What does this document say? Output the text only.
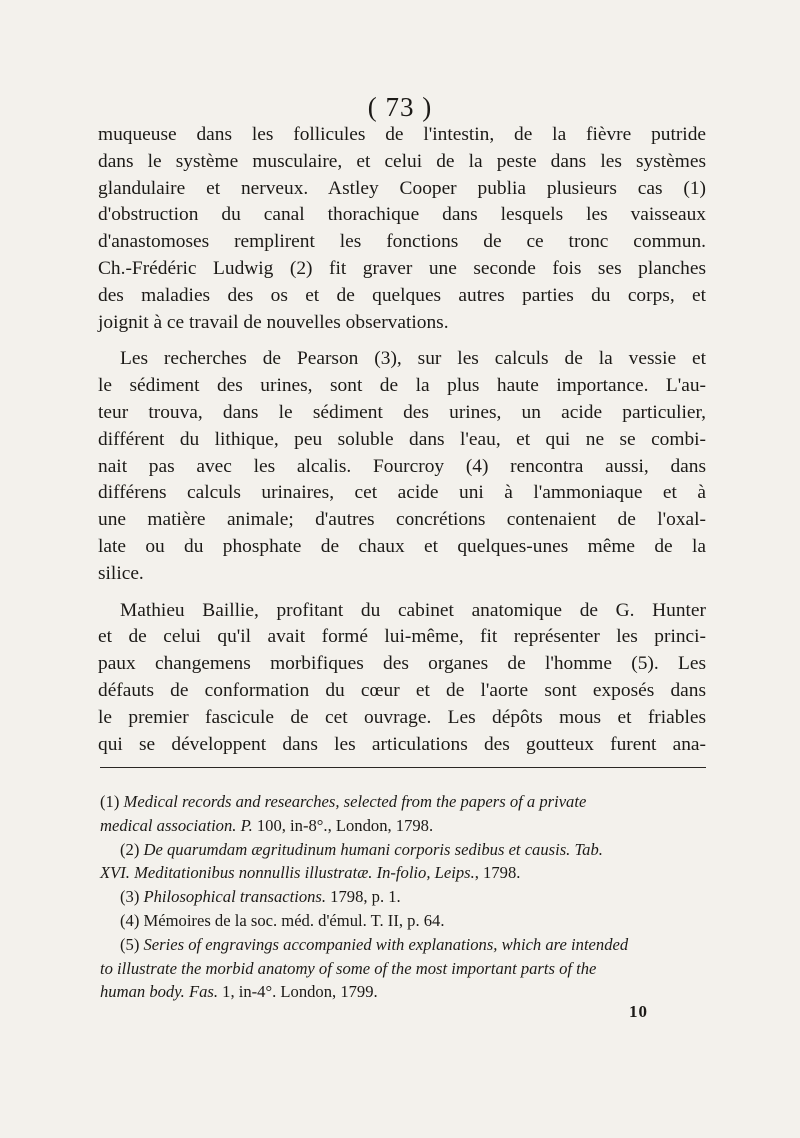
( 73 )
muqueuse dans les follicules de l'intestin, de la fièvre putride
dans le système musculaire, et celui de la peste dans les systèmes
glandulaire et nerveux. Astley Cooper publia plusieurs cas (1)
d'obstruction du canal thorachique dans lesquels les vaisseaux
d'anastomoses remplirent les fonctions de ce tronc commun.
Ch.-Frédéric Ludwig (2) fit graver une seconde fois ses planches
des maladies des os et de quelques autres parties du corps, et
joignit à ce travail de nouvelles observations.
Les recherches de Pearson (3), sur les calculs de la vessie et
le sédiment des urines, sont de la plus haute importance. L'au-
teur trouva, dans le sédiment des urines, un acide particulier,
différent du lithique, peu soluble dans l'eau, et qui ne se combi-
nait pas avec les alcalis. Fourcroy (4) rencontra aussi, dans
différens calculs urinaires, cet acide uni à l'ammoniaque et à
une matière animale; d'autres concrétions contenaient de l'oxal-
late ou du phosphate de chaux et quelques-unes même de la
silice.
Mathieu Baillie, profitant du cabinet anatomique de G. Hunter
et de celui qu'il avait formé lui-même, fit représenter les princi-
paux changemens morbifiques des organes de l'homme (5). Les
défauts de conformation du cœur et de l'aorte sont exposés dans
le premier fascicule de cet ouvrage. Les dépôts mous et friables
qui se développent dans les articulations des goutteux furent ana-
(1) Medical records and researches, selected from the papers of a private
medical association. P. 100, in-8°., London, 1798.
(2) De quarumdam ægritudinum humani corporis sedibus et causis. Tab.
XVI. Meditationibus nonnullis illustratæ. In-folio, Leips., 1798.
(3) Philosophical transactions. 1798, p. 1.
(4) Mémoires de la soc. méd. d'émul. T. II, p. 64.
(5) Series of engravings accompanied with explanations, which are intended
to illustrate the morbid anatomy of some of the most important parts of the
human body. Fas. 1, in-4°. London, 1799.
10
